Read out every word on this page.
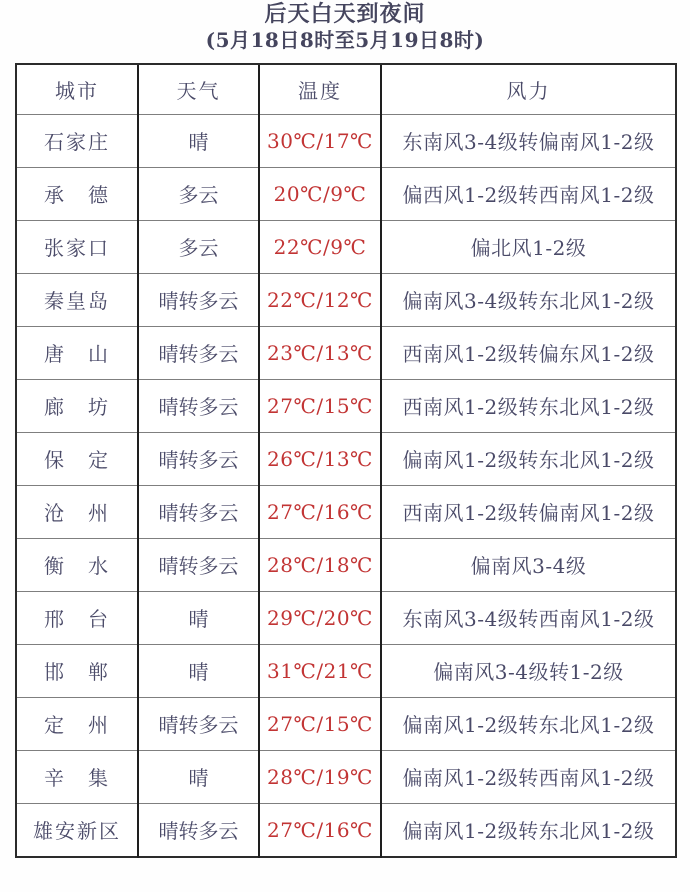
后天白天到夜间
(5月18日8时至5月19日8时)
城市	天气	温度	风力
石家庄	晴	30℃/17℃	东南风3-4级转偏南风1-2级
承　德	多云	20℃/9℃	偏西风1-2级转西南风1-2级
张家口	多云	22℃/9℃	偏北风1-2级
秦皇岛	晴转多云	22℃/12℃	偏南风3-4级转东北风1-2级
唐　山	晴转多云	23℃/13℃	西南风1-2级转偏东风1-2级
廊　坊	晴转多云	27℃/15℃	西南风1-2级转东北风1-2级
保　定	晴转多云	26℃/13℃	偏南风1-2级转东北风1-2级
沧　州	晴转多云	27℃/16℃	西南风1-2级转偏南风1-2级
衡　水	晴转多云	28℃/18℃	偏南风3-4级
邢　台	晴	29℃/20℃	东南风3-4级转西南风1-2级
邯　郸	晴	31℃/21℃	偏南风3-4级转1-2级
定　州	晴转多云	27℃/15℃	偏南风1-2级转东北风1-2级
辛　集	晴	28℃/19℃	偏南风1-2级转西南风1-2级
雄安新区	晴转多云	27℃/16℃	偏南风1-2级转东北风1-2级
